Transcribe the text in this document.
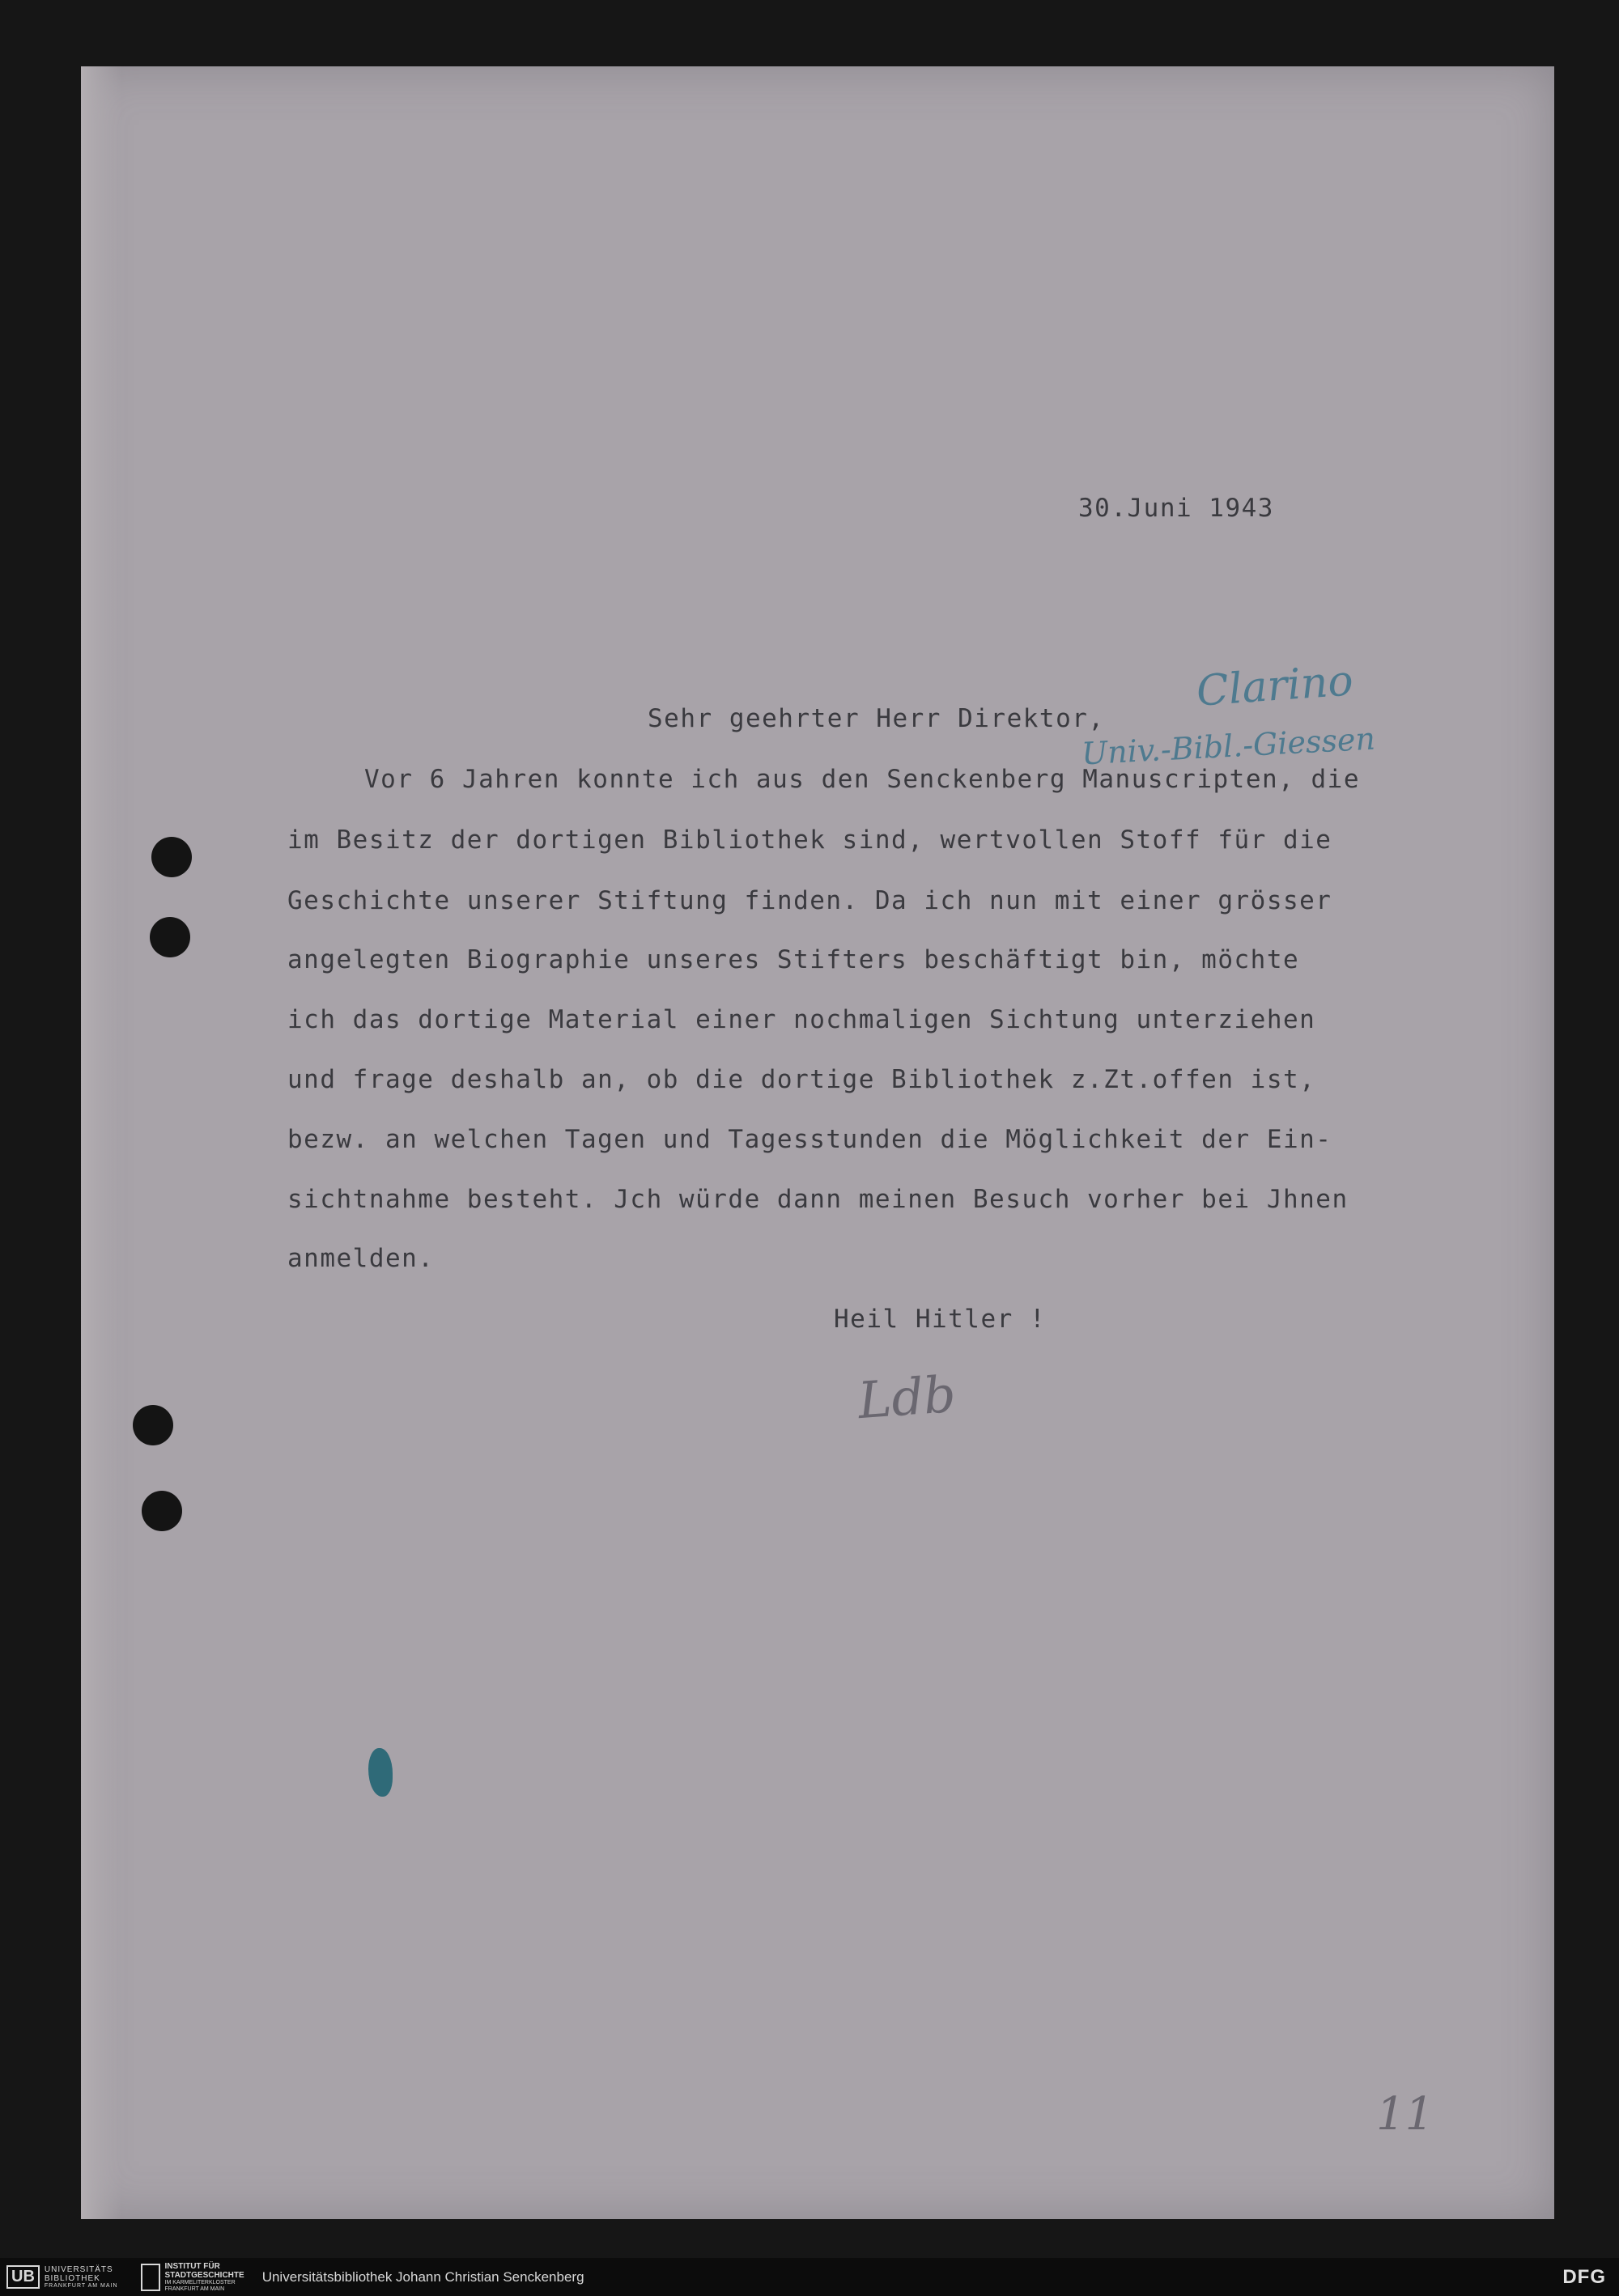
30.Juni 1943
Sehr geehrter Herr Direktor,
Clarino
Univ.-Bibl.-Giessen
Vor 6 Jahren konnte ich aus den Senckenberg Manuscripten, die
im Besitz der dortigen Bibliothek sind, wertvollen Stoff für die
Geschichte unserer Stiftung finden. Da ich nun mit einer grösser
angelegten Biographie unseres Stifters beschäftigt bin, möchte
ich das dortige Material einer nochmaligen Sichtung unterziehen
und frage deshalb an, ob die dortige Bibliothek z.Zt.offen ist,
bezw. an welchen Tagen und Tagesstunden die Möglichkeit der Ein-
sichtnahme besteht. Jch würde dann meinen Besuch vorher bei Jhnen
anmelden.
Heil Hitler !
Ldb
11
UB	UNIVERSITÄTS
BIBLIOTHEK
FRANKFURT AM MAIN
INSTITUT FÜR
STADTGESCHICHTE
IM KARMELITERKLOSTER
FRANKFURT AM MAIN
Universitätsbibliothek Johann Christian Senckenberg	DFG
